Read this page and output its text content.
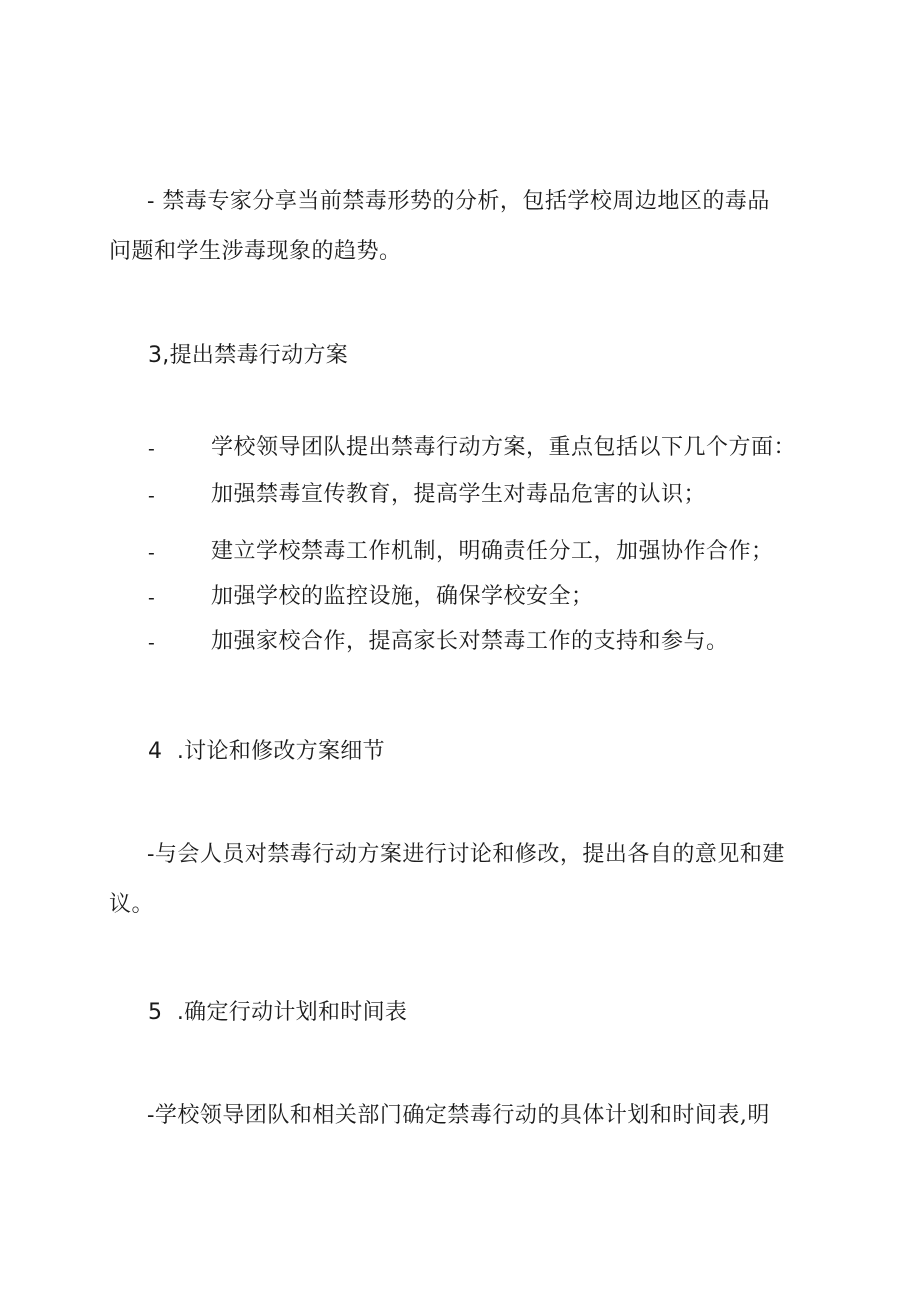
- 禁毒专家分享当前禁毒形势的分析，包括学校周边地区的毒品
问题和学生涉毒现象的趋势。
3,提出禁毒行动方案
-	学校领导团队提出禁毒行动方案，重点包括以下几个方面：
-	加强禁毒宣传教育，提高学生对毒品危害的认识；
-	建立学校禁毒工作机制，明确责任分工，加强协作合作；
-	加强学校的监控设施，确保学校安全；
-	加强家校合作，提高家长对禁毒工作的支持和参与。
4  .讨论和修改方案细节
-与会人员对禁毒行动方案进行讨论和修改，提出各自的意见和建
议。
5  .确定行动计划和时间表
-学校领导团队和相关部门确定禁毒行动的具体计划和时间表,明
